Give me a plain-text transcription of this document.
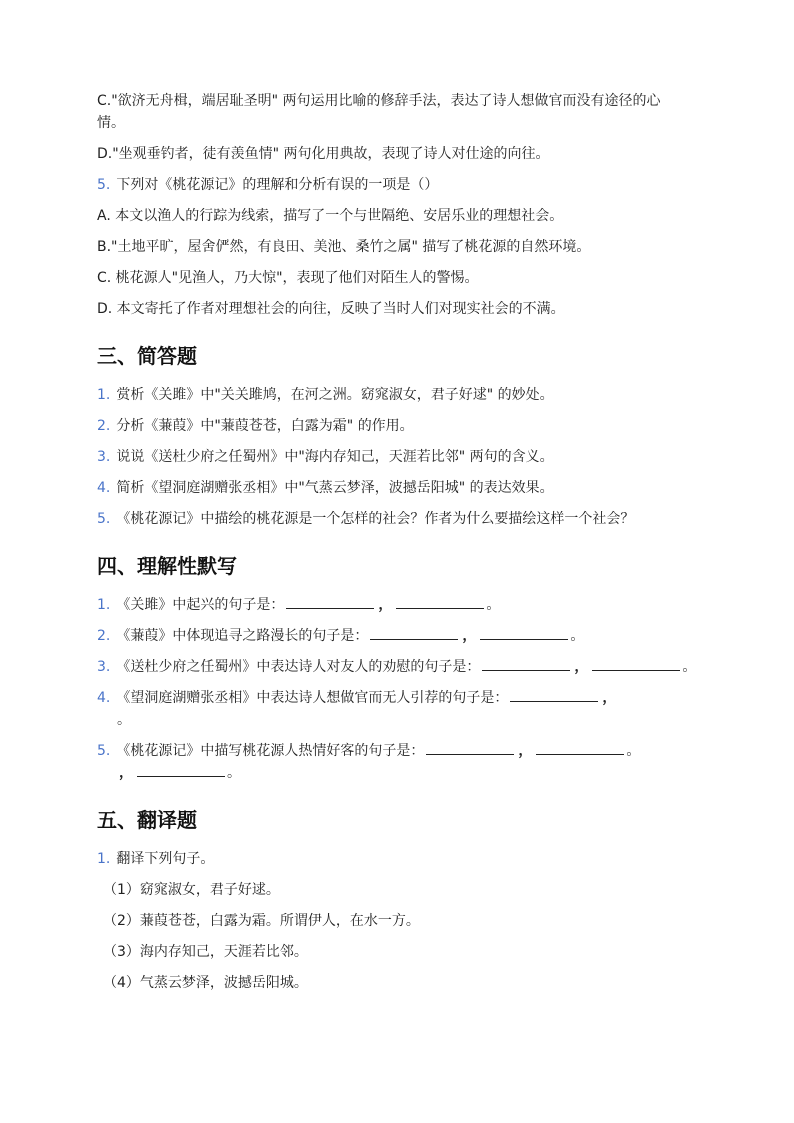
C."欲济无舟楫，端居耻圣明" 两句运用比喻的修辞手法，表达了诗人想做官而没有途径的心

情。

D."坐观垂钓者，徒有羡鱼情" 两句化用典故，表现了诗人对仕途的向往。

5. 下列对《桃花源记》的理解和分析有误的一项是（）

A. 本文以渔人的行踪为线索，描写了一个与世隔绝、安居乐业的理想社会。

B."土地平旷，屋舍俨然，有良田、美池、桑竹之属" 描写了桃花源的自然环境。

C. 桃花源人"见渔人，乃大惊"，表现了他们对陌生人的警惕。

D. 本文寄托了作者对理想社会的向往，反映了当时人们对现实社会的不满。

三、简答题

1. 赏析《关雎》中"关关雎鸠，在河之洲。窈窕淑女，君子好逑" 的妙处。

2. 分析《蒹葭》中"蒹葭苍苍，白露为霜" 的作用。

3. 说说《送杜少府之任蜀州》中"海内存知己，天涯若比邻" 两句的含义。

4. 简析《望洞庭湖赠张丞相》中"气蒸云梦泽，波撼岳阳城" 的表达效果。

5. 《桃花源记》中描绘的桃花源是一个怎样的社会？作者为什么要描绘这样一个社会？

四、理解性默写

1. 《关雎》中起兴的句子是：	，	。

2. 《蒹葭》中体现追寻之路漫长的句子是：	，	。

3. 《送杜少府之任蜀州》中表达诗人对友人的劝慰的句子是：	，	。

4. 《望洞庭湖赠张丞相》中表达诗人想做官而无人引荐的句子是：	，

。

5. 《桃花源记》中描写桃花源人热情好客的句子是：	，	。

，	。

五、翻译题

1. 翻译下列句子。

（1）窈窕淑女，君子好逑。

（2）蒹葭苍苍，白露为霜。所谓伊人，在水一方。

（3）海内存知己，天涯若比邻。

（4）气蒸云梦泽，波撼岳阳城。
